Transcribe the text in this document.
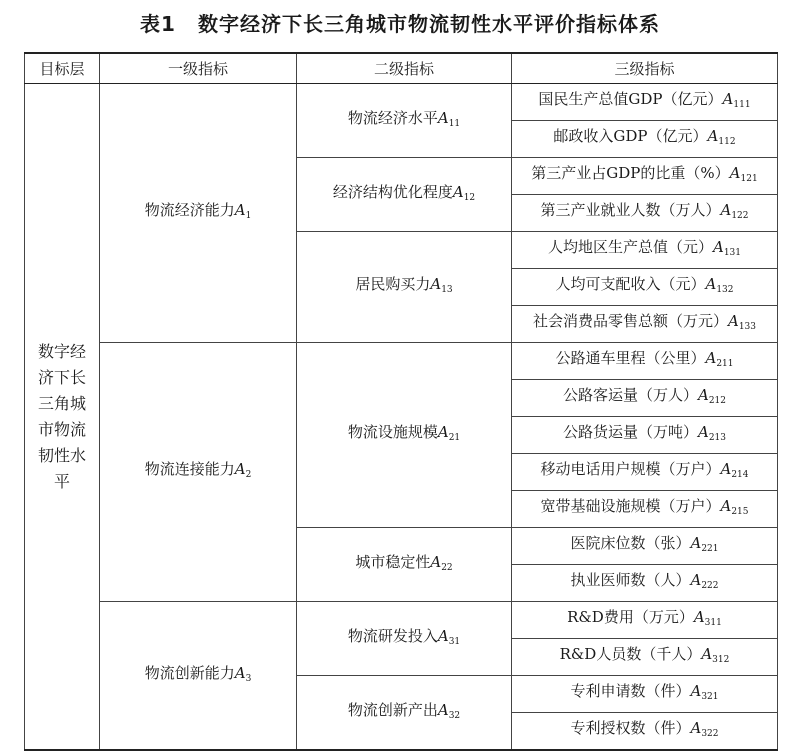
表1 数字经济下长三角城市物流韧性水平评价指标体系
目标层	一级指标	二级指标	三级指标
数字经济下长三角城市物流韧性水平	物流经济能力$A_1$	物流经济水平$A_{11}$	国民生产总值GDP（亿元）$A_{111}$
			邮政收入GDP（亿元）$A_{112}$
		经济结构优化程度$A_{12}$	第三产业占GDP的比重$(\%)A_{121}$
			第三产业就业人数（万人）$A_{122}$
		居民购买力$A_{13}$	人均地区生产总值（元）$A_{131}$
			人均可支配收入（元）$A_{132}$
			社会消费品零售总额（万元）$A_{133}$
	物流连接能力$A_2$	物流设施规模$A_{21}$	公路通车里程（公里）$A_{211}$
			公路客运量（万人）$A_{212}$
			公路货运量（万吨）$A_{213}$
			移动电话用户规模（万户）$A_{214}$
			宽带基础设施规模（万户）$A_{215}$
		城市稳定性$A_{22}$	医院床位数（张）$A_{221}$
			执业医师数（人）$A_{222}$
	物流创新能力$A_3$	物流研发投入$A_{31}$	R&D费用（万元）$A_{311}$
			R&D人员数（千人）$A_{312}$
		物流创新产出$A_{32}$	专利申请数（件）$A_{321}$
			专利授权数（件）$A_{322}$
